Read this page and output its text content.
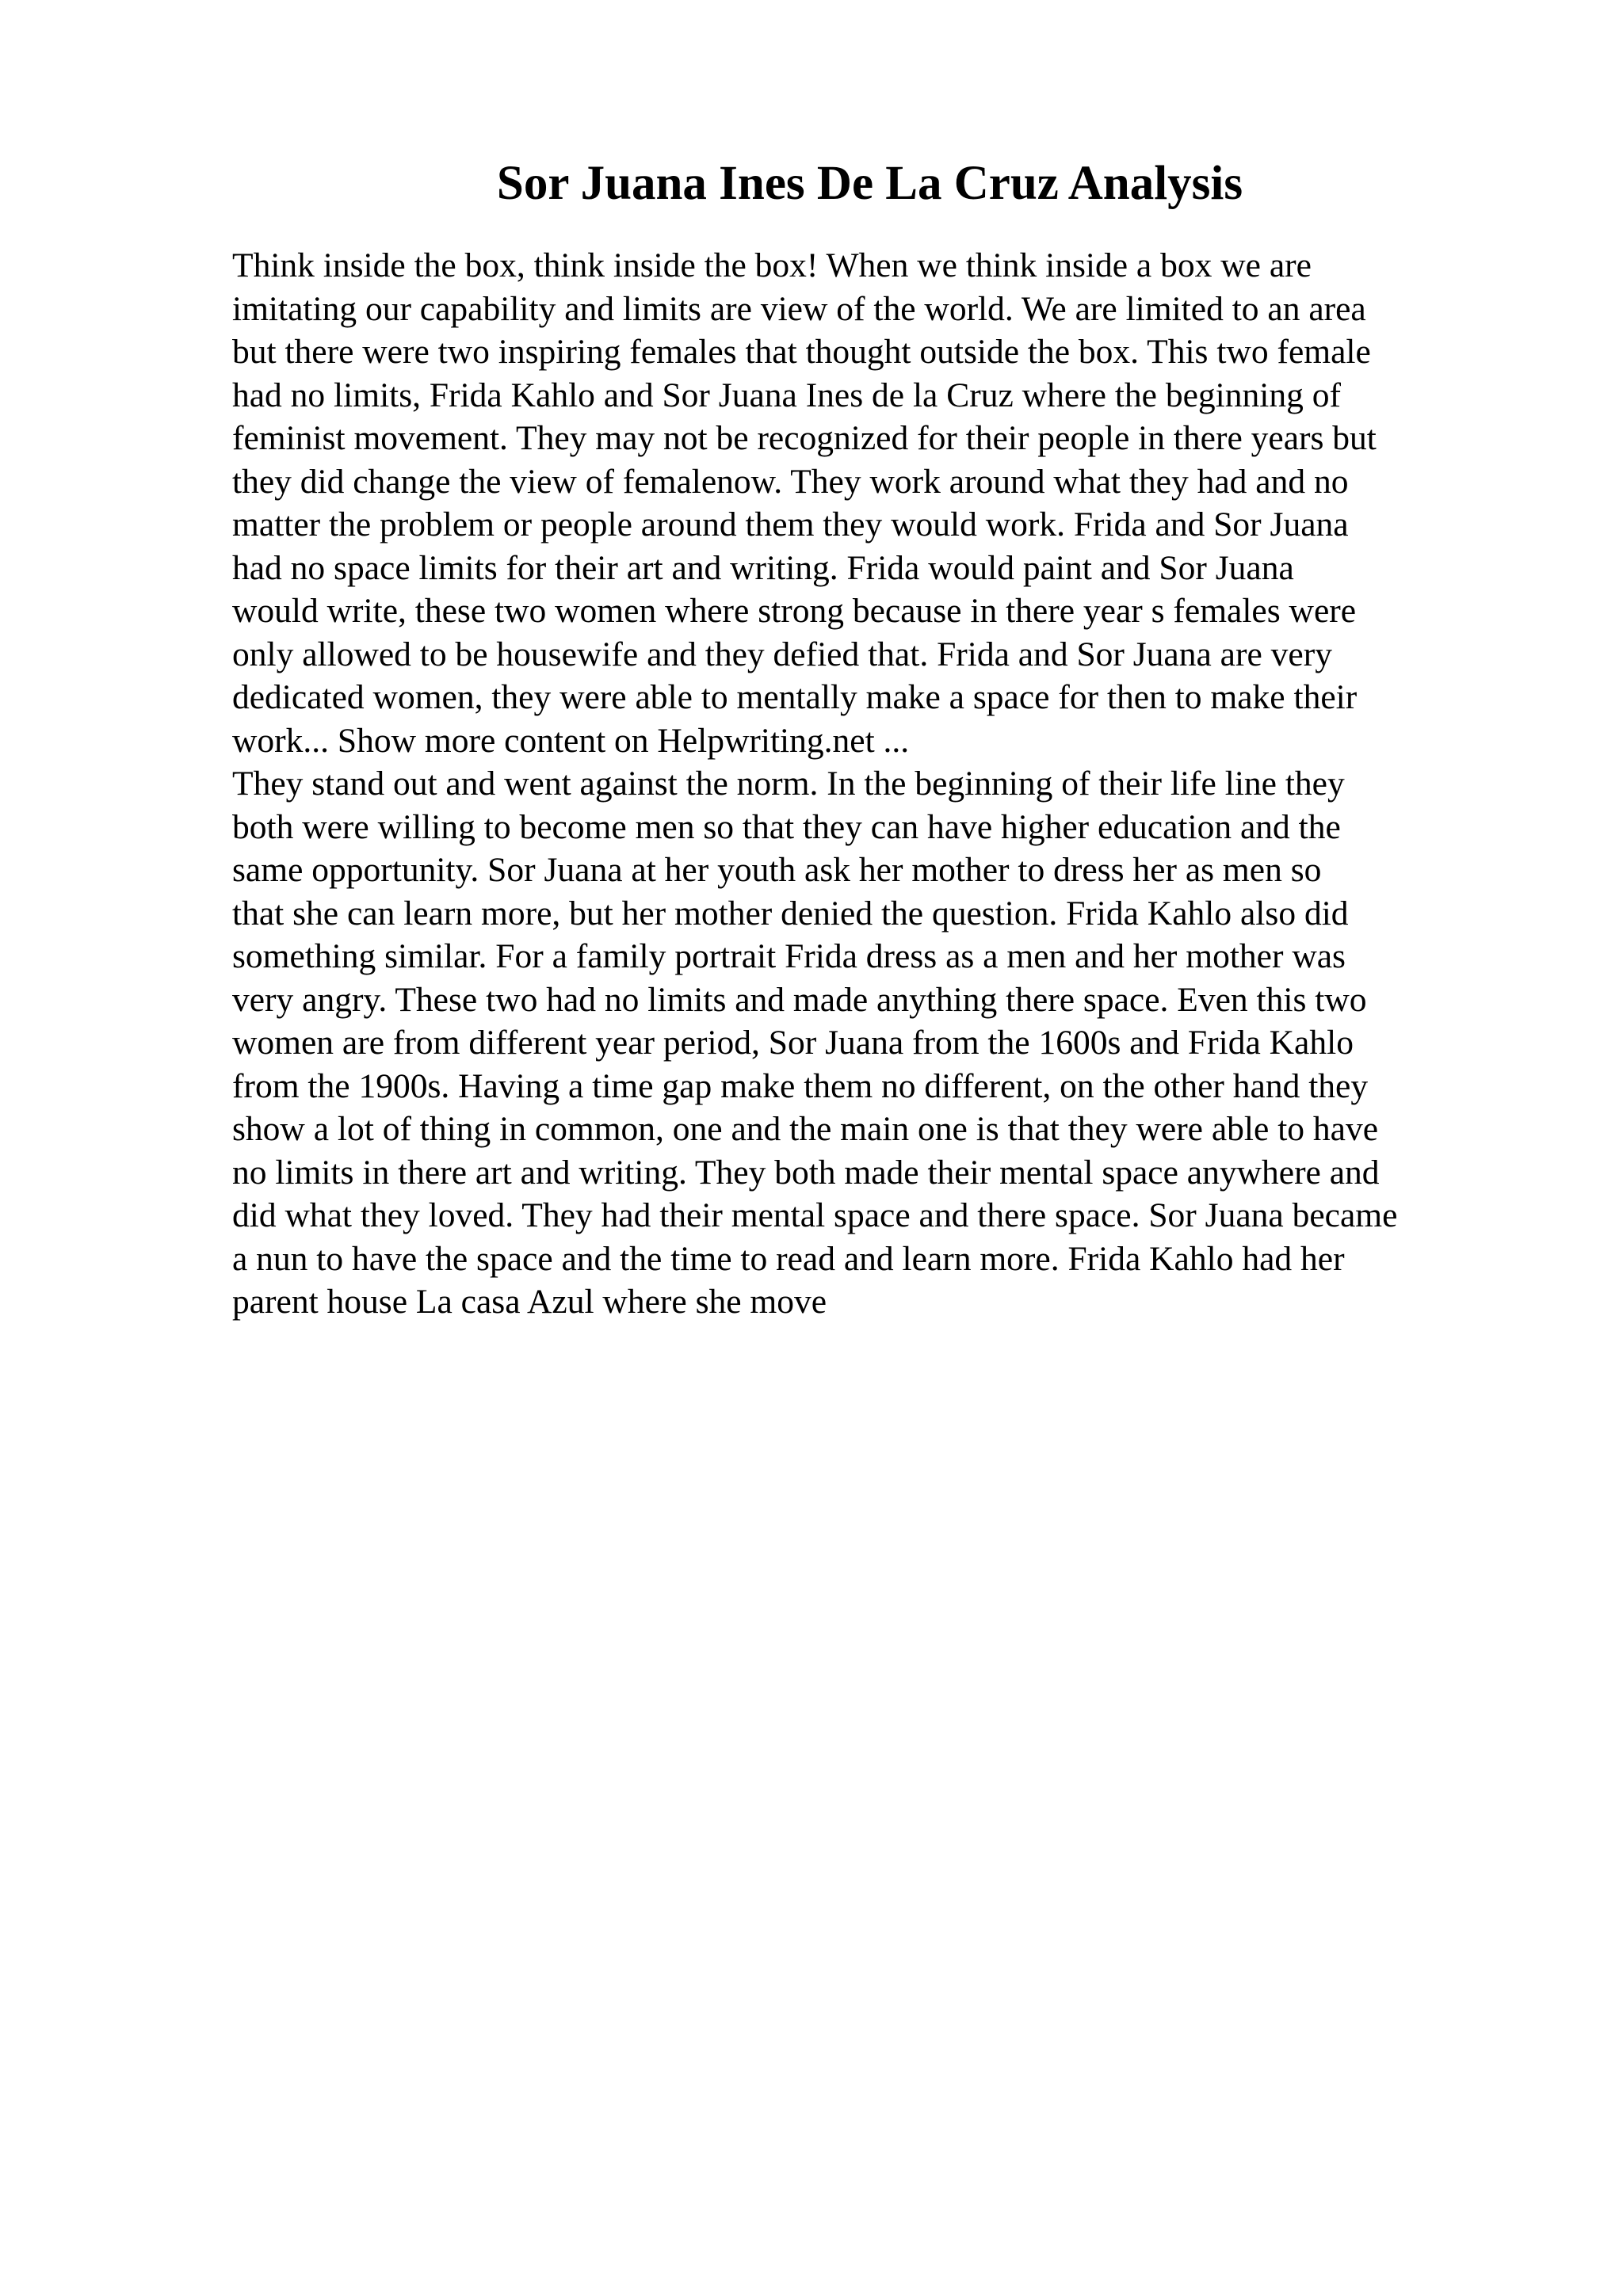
Sor Juana Ines De La Cruz Analysis
Think inside the box, think inside the box! When we think inside a box we are
imitating our capability and limits are view of the world. We are limited to an area
but there were two inspiring females that thought outside the box. This two female
had no limits, Frida Kahlo and Sor Juana Ines de la Cruz where the beginning of
feminist movement. They may not be recognized for their people in there years but
they did change the view of femalenow. They work around what they had and no
matter the problem or people around them they would work. Frida and Sor Juana
had no space limits for their art and writing. Frida would paint and Sor Juana
would write, these two women where strong because in there year s females were
only allowed to be housewife and they defied that. Frida and Sor Juana are very
dedicated women, they were able to mentally make a space for then to make their
work... Show more content on Helpwriting.net ...
They stand out and went against the norm. In the beginning of their life line they
both were willing to become men so that they can have higher education and the
same opportunity. Sor Juana at her youth ask her mother to dress her as men so
that she can learn more, but her mother denied the question. Frida Kahlo also did
something similar. For a family portrait Frida dress as a men and her mother was
very angry. These two had no limits and made anything there space. Even this two
women are from different year period, Sor Juana from the 1600s and Frida Kahlo
from the 1900s. Having a time gap make them no different, on the other hand they
show a lot of thing in common, one and the main one is that they were able to have
no limits in there art and writing. They both made their mental space anywhere and
did what they loved. They had their mental space and there space. Sor Juana became
a nun to have the space and the time to read and learn more. Frida Kahlo had her
parent house La casa Azul where she move
